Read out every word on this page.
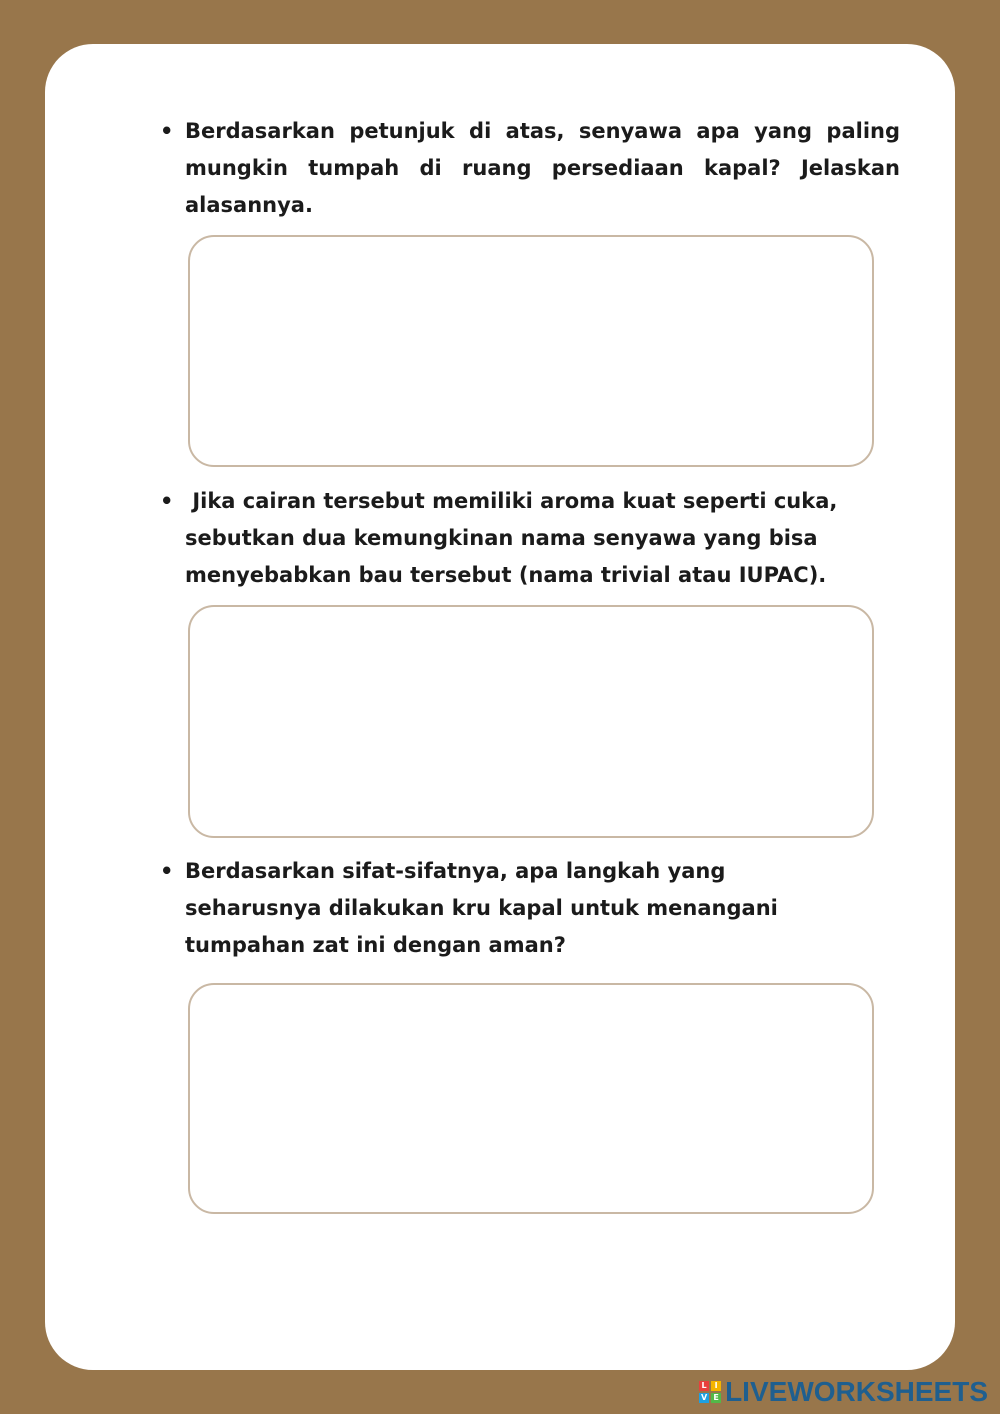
• Berdasarkan petunjuk di atas, senyawa apa yang paling mungkin tumpah di ruang persediaan kapal? Jelaskan alasannya.
• Jika cairan tersebut memiliki aroma kuat seperti cuka, sebutkan dua kemungkinan nama senyawa yang bisa menyebabkan bau tersebut (nama trivial atau IUPAC).
• Berdasarkan sifat-sifatnya, apa langkah yang seharusnya dilakukan kru kapal untuk menangani tumpahan zat ini dengan aman?
L I
V E LIVEWORKSHEETS
